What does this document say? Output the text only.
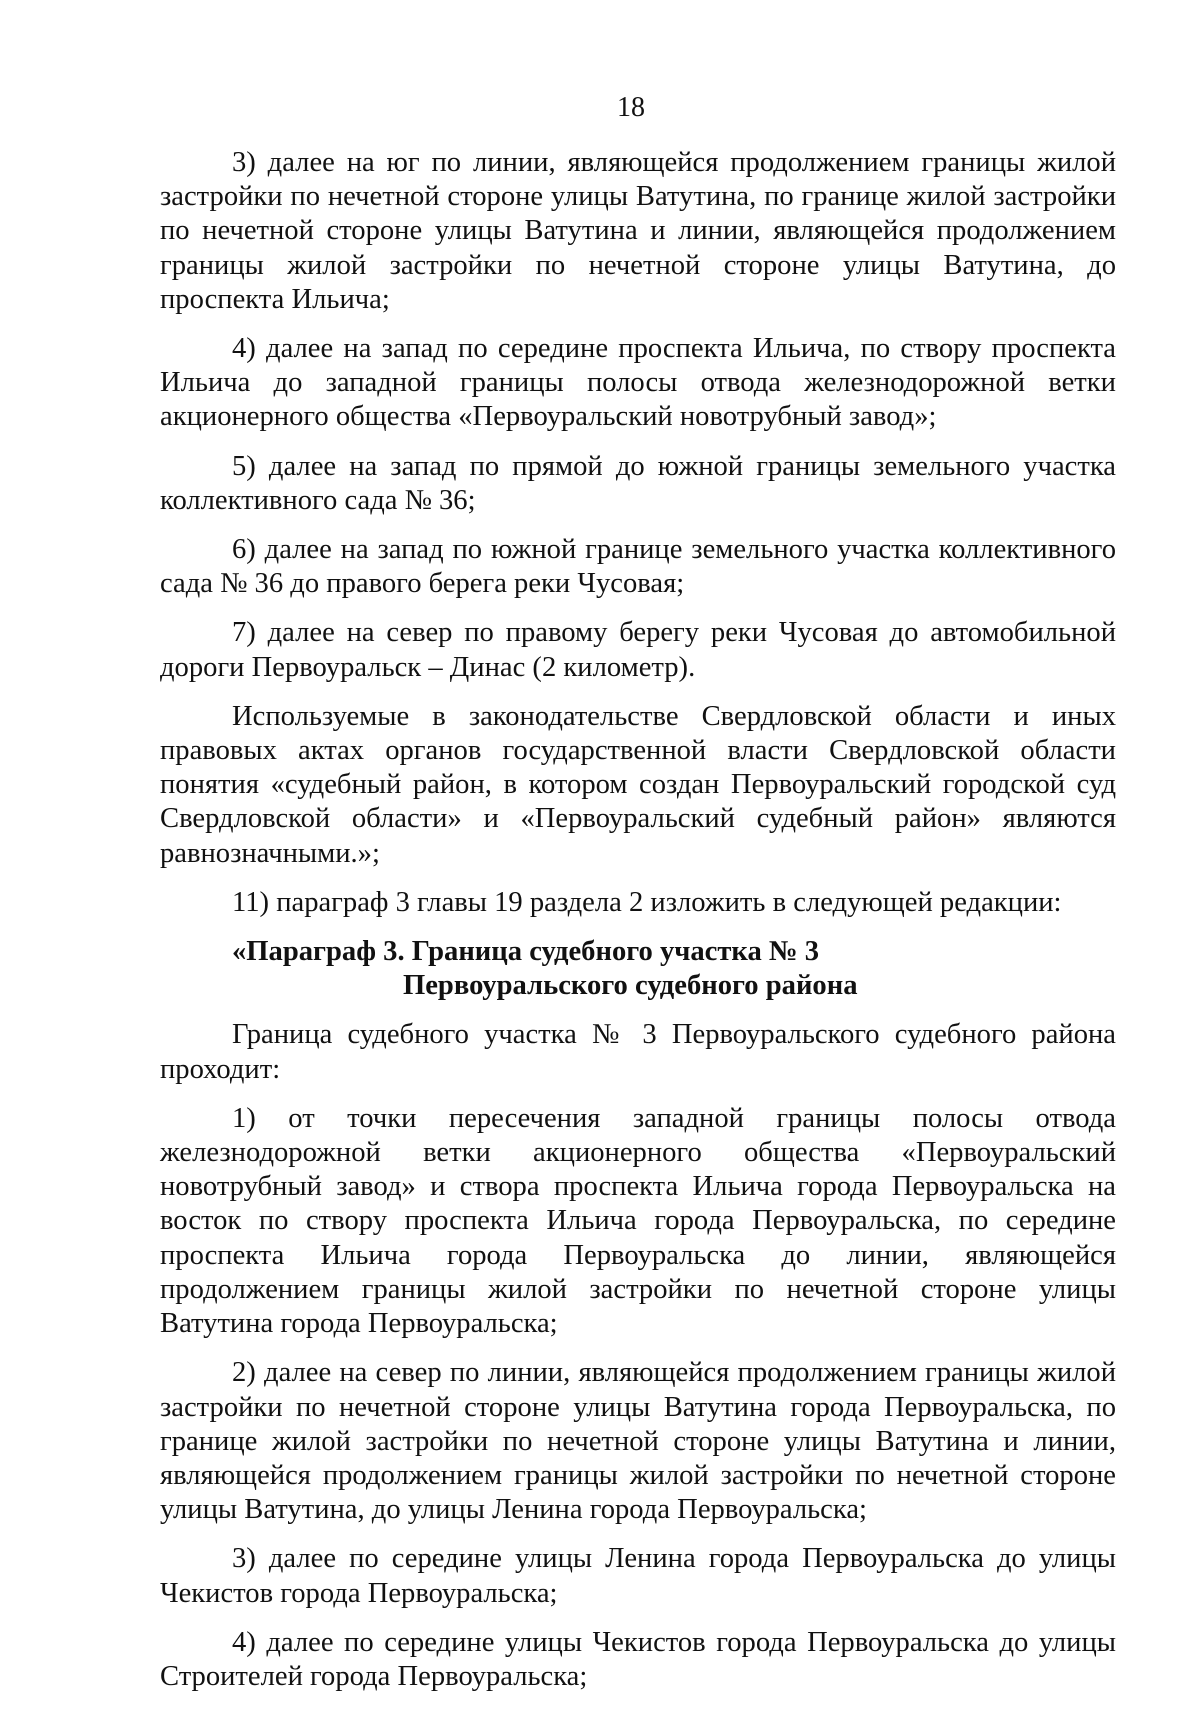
18

3) далее на юг по линии, являющейся продолжением границы жилой застройки по нечетной стороне улицы Ватутина, по границе жилой застройки по нечетной стороне улицы Ватутина и линии, являющейся продолжением границы жилой застройки по нечетной стороне улицы Ватутина, до проспекта Ильича;

4) далее на запад по середине проспекта Ильича, по створу проспекта Ильича до западной границы полосы отвода железнодорожной ветки акционерного общества «Первоуральский новотрубный завод»;

5) далее на запад по прямой до южной границы земельного участка коллективного сада № 36;

6) далее на запад по южной границе земельного участка коллективного сада № 36 до правого берега реки Чусовая;

7) далее на север по правому берегу реки Чусовая до автомобильной дороги Первоуральск – Динас (2 километр).

Используемые в законодательстве Свердловской области и иных правовых актах органов государственной власти Свердловской области понятия «судебный район, в котором создан Первоуральский городской суд Свердловской области» и «Первоуральский судебный район» являются равнозначными.»;

11) параграф 3 главы 19 раздела 2 изложить в следующей редакции:

«Параграф 3. Граница судебного участка № 3
Первоуральского судебного района

Граница судебного участка № 3 Первоуральского судебного района проходит:

1) от точки пересечения западной границы полосы отвода железнодорожной ветки акционерного общества «Первоуральский новотрубный завод» и створа проспекта Ильича города Первоуральска на восток по створу проспекта Ильича города Первоуральска, по середине проспекта Ильича города Первоуральска до линии, являющейся продолжением границы жилой застройки по нечетной стороне улицы Ватутина города Первоуральска;

2) далее на север по линии, являющейся продолжением границы жилой застройки по нечетной стороне улицы Ватутина города Первоуральска, по границе жилой застройки по нечетной стороне улицы Ватутина и линии, являющейся продолжением границы жилой застройки по нечетной стороне улицы Ватутина, до улицы Ленина города Первоуральска;

3) далее по середине улицы Ленина города Первоуральска до улицы Чекистов города Первоуральска;

4) далее по середине улицы Чекистов города Первоуральска до улицы Строителей города Первоуральска;
